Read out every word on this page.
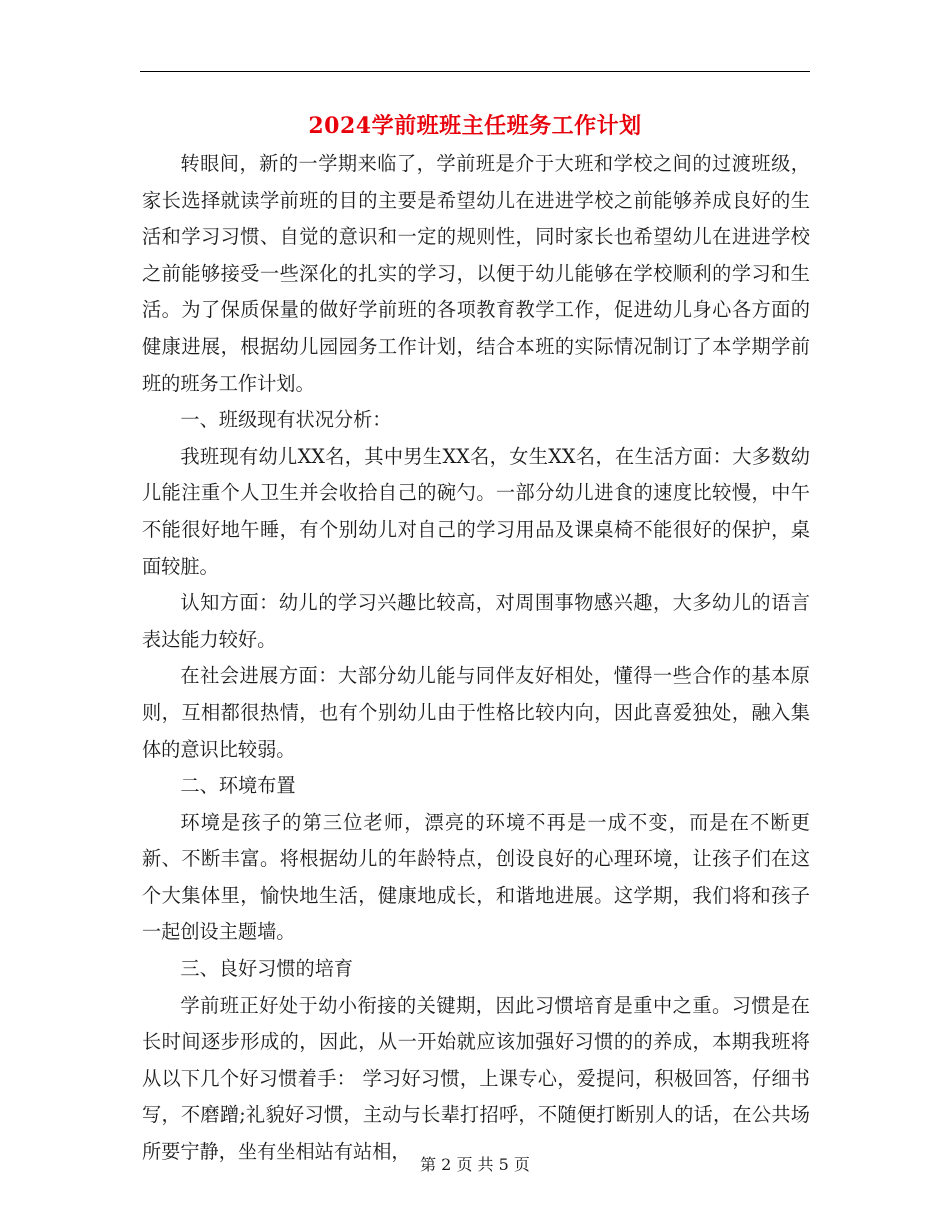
2024学前班班主任班务工作计划

转眼间，新的一学期来临了，学前班是介于大班和学校之间的过渡班级，家长选择就读学前班的目的主要是希望幼儿在进进学校之前能够养成良好的生活和学习习惯、自觉的意识和一定的规则性，同时家长也希望幼儿在进进学校之前能够接受一些深化的扎实的学习，以便于幼儿能够在学校顺利的学习和生活。为了保质保量的做好学前班的各项教育教学工作，促进幼儿身心各方面的健康进展，根据幼儿园园务工作计划，结合本班的实际情况制订了本学期学前班的班务工作计划。

一、班级现有状况分析：

我班现有幼儿XX名，其中男生XX名，女生XX名，在生活方面：大多数幼儿能注重个人卫生并会收拾自己的碗勺。一部分幼儿进食的速度比较慢，中午不能很好地午睡，有个别幼儿对自己的学习用品及课桌椅不能很好的保护，桌面较脏。

认知方面：幼儿的学习兴趣比较高，对周围事物感兴趣，大多幼儿的语言表达能力较好。

在社会进展方面：大部分幼儿能与同伴友好相处，懂得一些合作的基本原则，互相都很热情，也有个别幼儿由于性格比较内向，因此喜爱独处，融入集体的意识比较弱。

二、环境布置

环境是孩子的第三位老师，漂亮的环境不再是一成不变，而是在不断更新、不断丰富。将根据幼儿的年龄特点，创设良好的心理环境，让孩子们在这个大集体里，愉快地生活，健康地成长，和谐地进展。这学期，我们将和孩子一起创设主题墙。

三、良好习惯的培育

学前班正好处于幼小衔接的关键期，因此习惯培育是重中之重。习惯是在长时间逐步形成的，因此，从一开始就应该加强好习惯的的养成，本期我班将从以下几个好习惯着手： 学习好习惯，上课专心，爱提问，积极回答，仔细书写，不磨蹭;礼貌好习惯，主动与长辈打招呼，不随便打断别人的话，在公共场所要宁静，坐有坐相站有站相，

第 2 页 共 5 页
